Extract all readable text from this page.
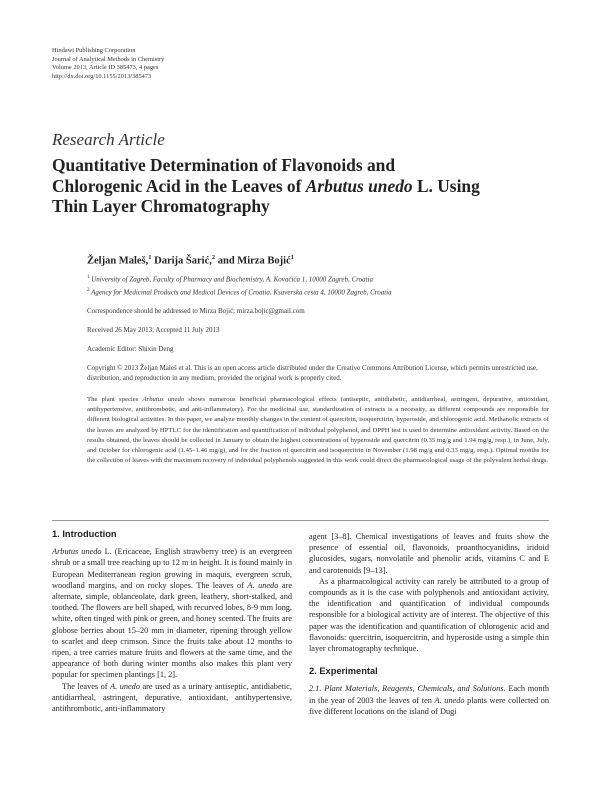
Hindawi Publishing Corporation
Journal of Analytical Methods in Chemistry
Volume 2013, Article ID 385473, 4 pages
http://dx.doi.org/10.1155/2013/385473
Research Article
Quantitative Determination of Flavonoids and
Chlorogenic Acid in the Leaves of Arbutus unedo L. Using
Thin Layer Chromatography
Željan Maleš,$^1$ Darija Šarić,$^2$ and Mirza Bojić$^1$
$^1$ University of Zagreb, Faculty of Pharmacy and Biochemistry, A. Kovačića 1, 10000 Zagreb, Croatia
$^2$ Agency for Medicinal Products and Medical Devices of Croatia, Ksaverska cesta 4, 10000 Zagreb, Croatia
Correspondence should be addressed to Mirza Bojić; mirza.bojic@gmail.com
Received 26 May 2013; Accepted 11 July 2013
Academic Editor: Shixin Deng
Copyright © 2013 Željan Maleš et al. This is an open access article distributed under the Creative Commons Attribution License, which permits unrestricted use, distribution, and reproduction in any medium, provided the original work is properly cited.
The plant species Arbutus unedo shows numerous beneficial pharmacological effects (antiseptic, antidiabetic, antidiarrheal, astringent, depurative, antioxidant, antihypertensive, antithrombotic, and anti-inflammatory). For the medicinal use, standardization of extracts is a necessity, as different compounds are responsible for different biological activities. In this paper, we analyze monthly changes in the content of quercitrin, isoquercitrin, hyperoside, and chlorogenic acid. Methanolic extracts of the leaves are analyzed by HPTLC for the identification and quantification of individual polyphenol, and DPPH test is used to determine antioxidant activity. Based on the results obtained, the leaves should be collected in January to obtain the highest concentrations of hyperoside and quercitrin (0.35 mg/g and 1.94 mg/g, resp.), in June, July, and October for chlorogenic acid (1.45–1.46 mg/g), and for the fraction of quercitrin and isoquercitrin in November (1.98 mg/g and 0.33 mg/g, resp.). Optimal months for the collection of leaves with the maximum recovery of individual polyphenols suggested in this work could direct the pharmacological usage of the polyvalent herbal drugs.
1. Introduction

Arbutus unedo L. (Ericaceae, English strawberry tree) is an evergreen shrub or a small tree reaching up to 12 m in height. It is found mainly in European Mediterranean region growing in maquis, evergreen scrub, woodland margins, and on rocky slopes. The leaves of A. unedo are alternate, simple, oblanceolate, dark green, leathery, short-stalked, and toothed. The flowers are bell shaped, with recurved lobes, 8-9 mm long, white, often tinged with pink or green, and honey scented. The fruits are globose berries about 15–20 mm in diameter, ripening through yellow to scarlet and deep crimson. Since the fruits take about 12 months to ripen, a tree carries mature fruits and flowers at the same time, and the appearance of both during winter months also makes this plant very popular for specimen plantings [1, 2].

The leaves of A. unedo are used as a urinary antiseptic, antidiabetic, antidiarrheal, astringent, depurative, antioxidant, antihypertensive, antithrombotic, anti-inflammatory

agent [3–8]. Chemical investigations of leaves and fruits show the presence of essential oil, flavonoids, proanthocyanidins, iridoid glucosides, sugars, nonvolatile and phenolic acids, vitamins C and E and carotenoids [9–13].

As a pharmacological activity can rarely be attributed to a group of compounds as it is the case with polyphenols and antioxidant activity, the identification and quantification of individual compounds responsible for a biological activity are of interest. The objective of this paper was the identification and quantification of chlorogenic acid and flavonoids: quercitrin, isoquercitrin, and hyperoside using a simple thin layer chromatography technique.

2. Experimental

2.1. Plant Materials, Reagents, Chemicals, and Solutions. Each month in the year of 2003 the leaves of ten A. unedo plants were collected on five different locations on the island of Dugi
